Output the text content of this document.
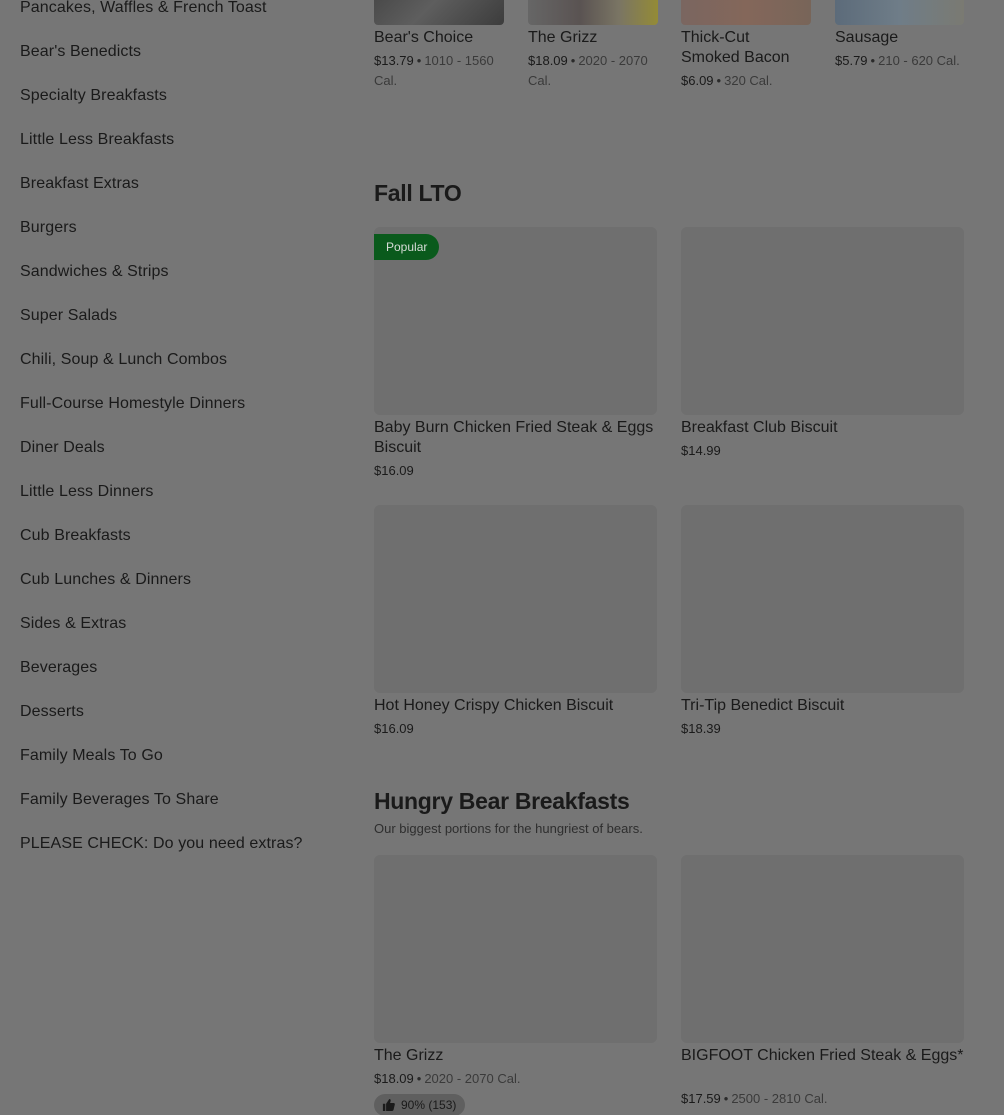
Pancakes, Waffles & French Toast
Bear's Benedicts
Specialty Breakfasts
Little Less Breakfasts
Breakfast Extras
Burgers
Sandwiches & Strips
Super Salads
Chili, Soup & Lunch Combos
Full-Course Homestyle Dinners
Diner Deals
Little Less Dinners
Cub Breakfasts
Cub Lunches & Dinners
Sides & Extras
Beverages
Desserts
Family Meals To Go
Family Beverages To Share
PLEASE CHECK: Do you need extras?
Bear's Choice
$13.79 • 1010 - 1560 Cal.
The Grizz
$18.09 • 2020 - 2070 Cal.
Thick-Cut Smoked Bacon
$6.09 • 320 Cal.
Sausage
$5.79 • 210 - 620 Cal.
Fall LTO
Popular
Baby Burn Chicken Fried Steak & Eggs Biscuit
$16.09
Breakfast Club Biscuit
$14.99
Hot Honey Crispy Chicken Biscuit
$16.09
Tri-Tip Benedict Biscuit
$18.39
Hungry Bear Breakfasts
Our biggest portions for the hungriest of bears.
The Grizz
$18.09 • 2020 - 2070 Cal.
90% (153)
BIGFOOT Chicken Fried Steak & Eggs*
$17.59 • 2500 - 2810 Cal.
